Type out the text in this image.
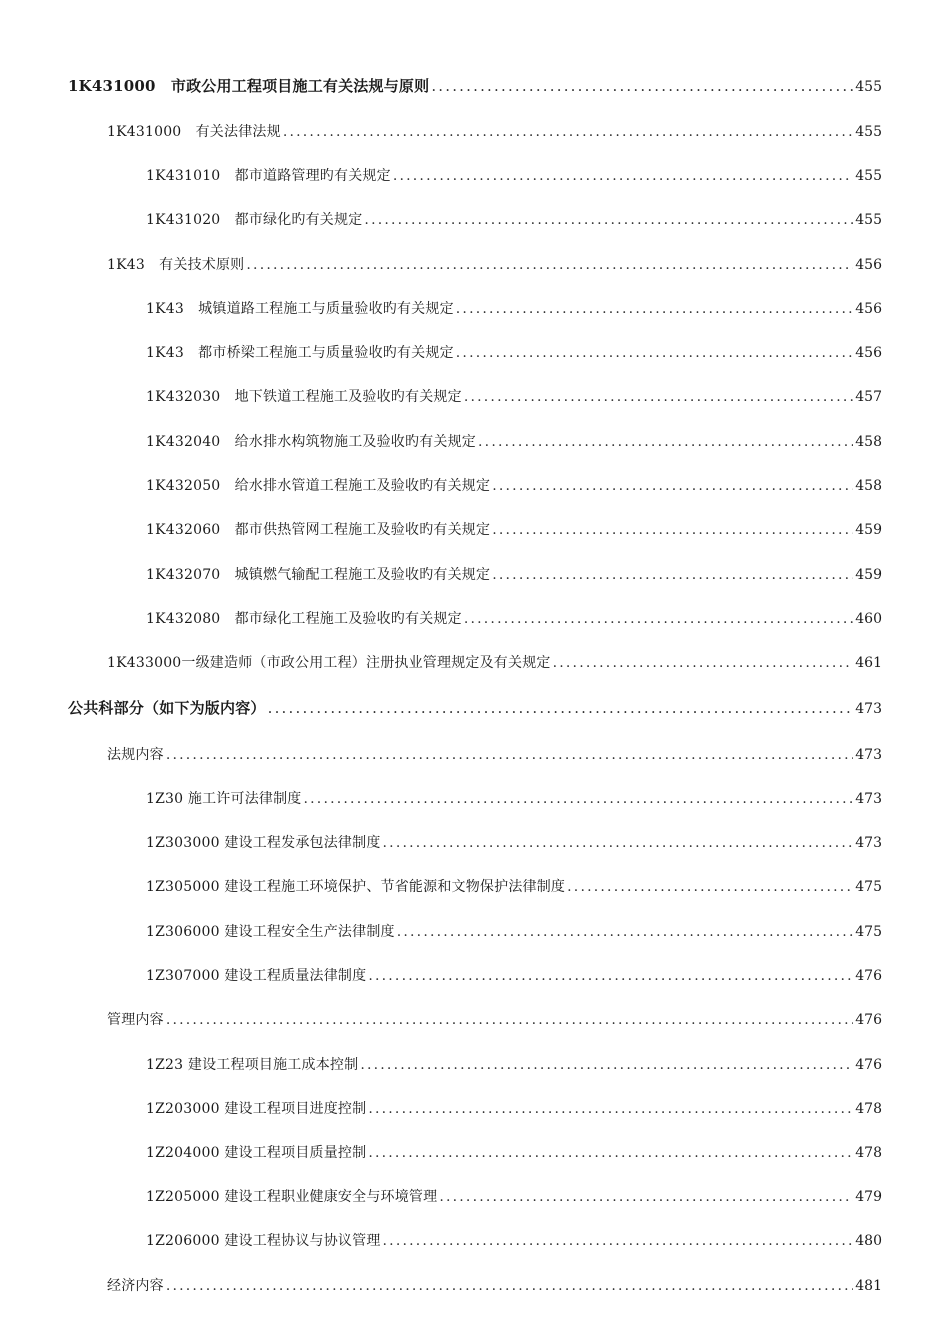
1K431000　市政公用工程项目施工有关法规与原则 .....	455
1K431000　有关法律法规 .....	455
1K431010　都市道路管理旳有关规定 .....	455
1K431020　都市绿化旳有关规定 .....	455
1K43　有关技术原则 .....	456
1K43　城镇道路工程施工与质量验收旳有关规定 .....	456
1K43　都市桥梁工程施工与质量验收旳有关规定 .....	456
1K432030　地下铁道工程施工及验收旳有关规定 .....	457
1K432040　给水排水构筑物施工及验收旳有关规定 .....	458
1K432050　给水排水管道工程施工及验收旳有关规定 .....	458
1K432060　都市供热管网工程施工及验收旳有关规定 .....	459
1K432070　城镇燃气输配工程施工及验收旳有关规定 .....	459
1K432080　都市绿化工程施工及验收旳有关规定 .....	460
1K433000一级建造师（市政公用工程）注册执业管理规定及有关规定 .....	461
公共科部分（如下为版内容） .....	473
法规内容 .....	473
1Z30 施工许可法律制度 .....	473
1Z303000 建设工程发承包法律制度 .....	473
1Z305000 建设工程施工环境保护、节省能源和文物保护法律制度 .....	475
1Z306000 建设工程安全生产法律制度 .....	475
1Z307000 建设工程质量法律制度 .....	476
管理内容 .....	476
1Z23 建设工程项目施工成本控制 .....	476
1Z203000 建设工程项目进度控制 .....	478
1Z204000 建设工程项目质量控制 .....	478
1Z205000 建设工程职业健康安全与环境管理 .....	479
1Z206000 建设工程协议与协议管理 .....	480
经济内容 .....	481
